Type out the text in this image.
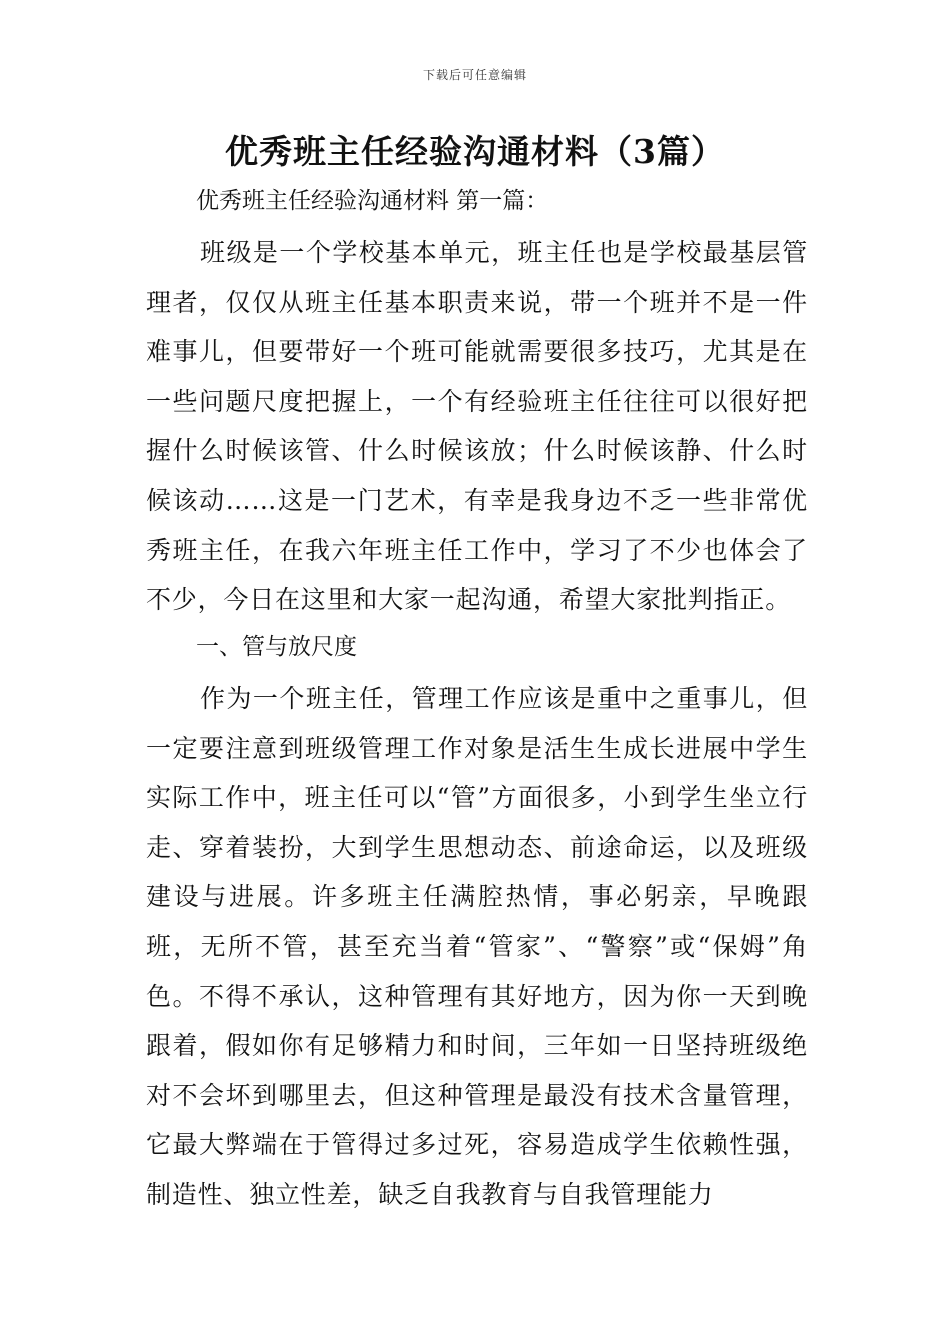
下载后可任意编辑
优秀班主任经验沟通材料（3篇）

优秀班主任经验沟通材料 第一篇：

班级是一个学校基本单元，班主任也是学校最基层管理者，仅仅从班主任基本职责来说，带一个班并不是一件难事儿，但要带好一个班可能就需要很多技巧，尤其是在一些问题尺度把握上，一个有经验班主任往往可以很好把握什么时候该管、什么时候该放；什么时候该静、什么时候该动……这是一门艺术，有幸是我身边不乏一些非常优秀班主任，在我六年班主任工作中，学习了不少也体会了不少，今日在这里和大家一起沟通，希望大家批判指正。

一、管与放尺度

作为一个班主任，管理工作应该是重中之重事儿，但一定要注意到班级管理工作对象是活生生成长进展中学生实际工作中，班主任可以“管”方面很多，小到学生坐立行走、穿着装扮，大到学生思想动态、前途命运，以及班级建设与进展。许多班主任满腔热情，事必躬亲，早晚跟班，无所不管，甚至充当着“管家”、“警察”或“保姆”角色。不得不承认，这种管理有其好地方，因为你一天到晚跟着，假如你有足够精力和时间，三年如一日坚持班级绝对不会坏到哪里去，但这种管理是最没有技术含量管理，它最大弊端在于管得过多过死，容易造成学生依赖性强，制造性、独立性差，缺乏自我教育与自我管理能力
